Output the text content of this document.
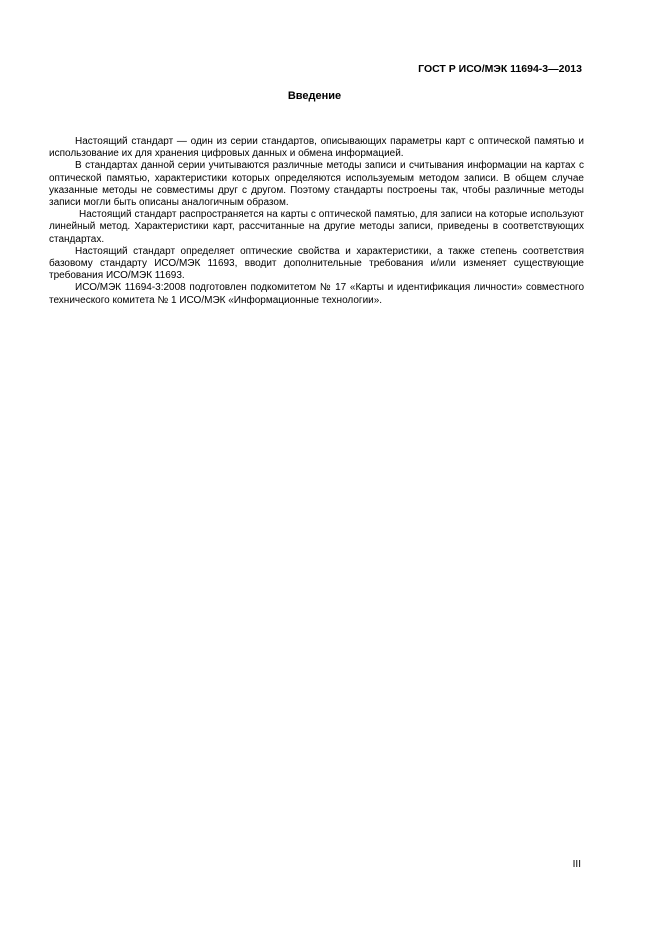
ГОСТ Р ИСО/МЭК 11694-3—2013
Введение

Настоящий стандарт — один из серии стандартов, описывающих параметры карт с оптической памятью и использование их для хранения цифровых данных и обмена информацией.

В стандартах данной серии учитываются различные методы записи и считывания информации на картах с оптической памятью, характеристики которых определяются используемым методом записи. В общем случае указанные методы не совместимы друг с другом. Поэтому стандарты построены так, чтобы различные методы записи могли быть описаны аналогичным образом.

Настоящий стандарт распространяется на карты с оптической памятью, для записи на которые используют линейный метод. Характеристики карт, рассчитанные на другие методы записи, приведены в соответствующих стандартах.

Настоящий стандарт определяет оптические свойства и характеристики, а также степень соответствия базовому стандарту ИСО/МЭК 11693, вводит дополнительные требования и/или изменяет существующие требования ИСО/МЭК 11693.

ИСО/МЭК 11694-3:2008 подготовлен подкомитетом № 17 «Карты и идентификация личности» совместного технического комитета № 1 ИСО/МЭК «Информационные технологии».

III
